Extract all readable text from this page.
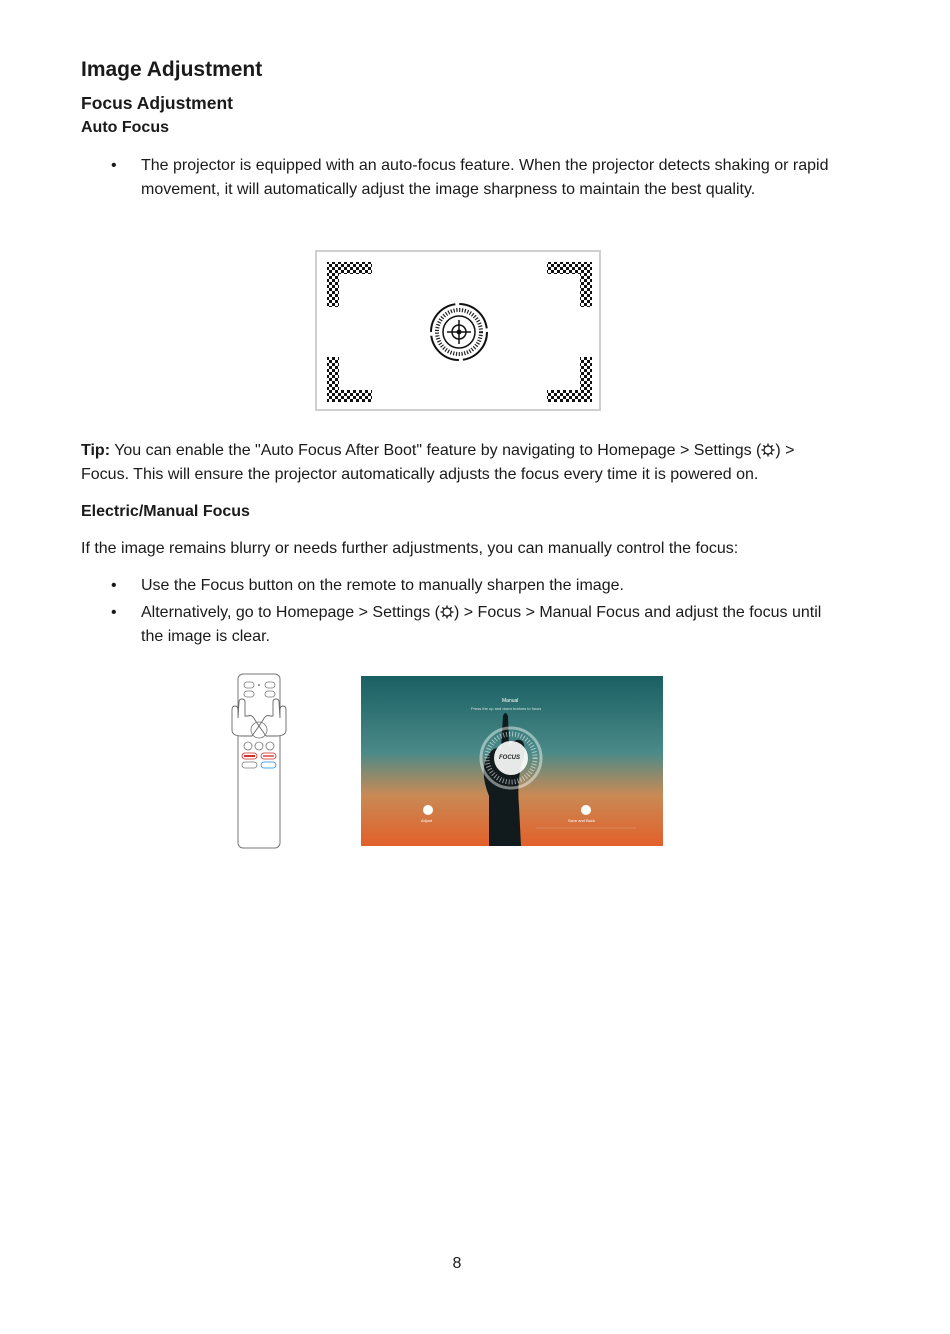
Image Adjustment
Focus Adjustment
Auto Focus
• The projector is equipped with an auto-focus feature. When the projector detects shaking or rapid movement, it will automatically adjust the image sharpness to maintain the best quality.
Tip: You can enable the "Auto Focus After Boot" feature by navigating to Homepage > Settings ( ) > Focus. This will ensure the projector automatically adjusts the focus every time it is powered on.
Electric/Manual Focus
If the image remains blurry or needs further adjustments, you can manually control the focus:
• Use the Focus button on the remote to manually sharpen the image.
• Alternatively, go to Homepage > Settings ( ) > Focus > Manual Focus and adjust the focus until the image is clear.
Manual
Press the up and down buttons to focus
FOCUS
Adjust	Save and Back
8
